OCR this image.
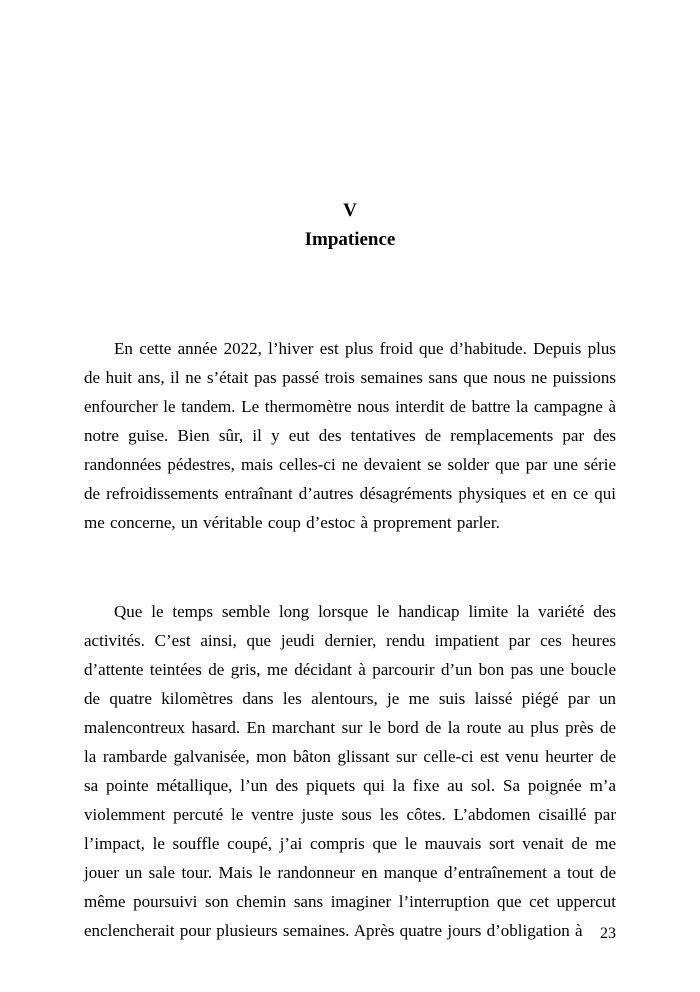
V
Impatience

En cette année 2022, l’hiver est plus froid que d’habitude. Depuis plus de huit ans, il ne s’était pas passé trois semaines sans que nous ne puissions enfourcher le tandem. Le thermomètre nous interdit de battre la campagne à notre guise. Bien sûr, il y eut des tentatives de remplacements par des randonnées pédestres, mais celles-ci ne devaient se solder que par une série de refroidissements entraînant d’autres désagréments physiques et en ce qui me concerne, un véritable coup d’estoc à proprement parler.

Que le temps semble long lorsque le handicap limite la variété des activités. C’est ainsi, que jeudi dernier, rendu impatient par ces heures d’attente teintées de gris, me décidant à parcourir d’un bon pas une boucle de quatre kilomètres dans les alentours, je me suis laissé piégé par un malencontreux hasard. En marchant sur le bord de la route au plus près de la rambarde galvanisée, mon bâton glissant sur celle-ci est venu heurter de sa pointe métallique, l’un des piquets qui la fixe au sol. Sa poignée m’a violemment percuté le ventre juste sous les côtes. L’abdomen cisaillé par l’impact, le souffle coupé, j’ai compris que le mauvais sort venait de me jouer un sale tour. Mais le randonneur en manque d’entraînement a tout de même poursuivi son chemin sans imaginer l’interruption que cet uppercut enclencherait pour plusieurs semaines. Après quatre jours d’obligation à	23
